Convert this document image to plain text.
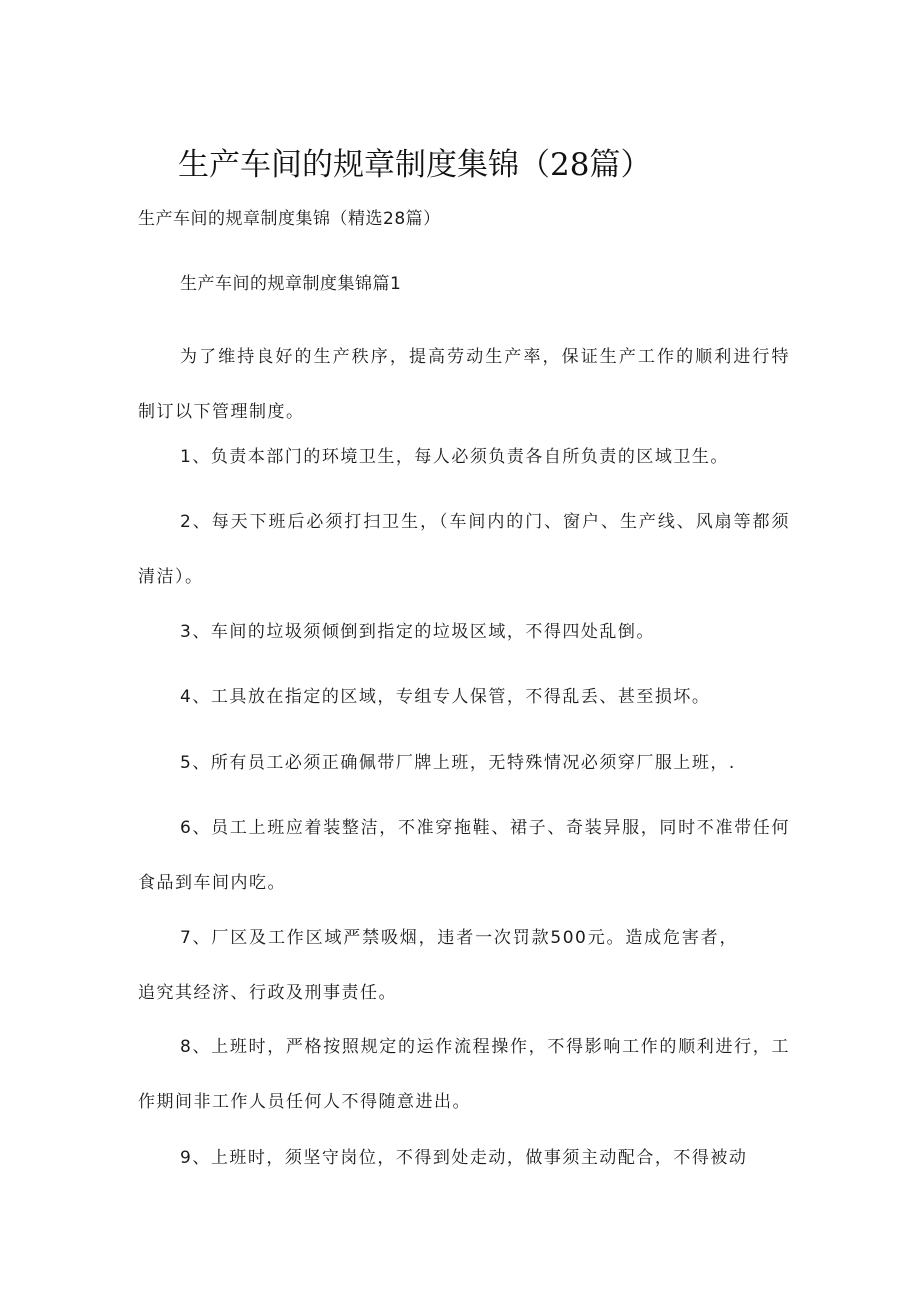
生产车间的规章制度集锦（28篇）
生产车间的规章制度集锦（精选28篇）
生产车间的规章制度集锦篇1

为了维持良好的生产秩序，提高劳动生产率，保证生产工作的顺利进行特制订以下管理制度。

1、负责本部门的环境卫生，每人必须负责各自所负责的区域卫生。

2、每天下班后必须打扫卫生，（车间内的门、窗户、生产线、风扇等都须清洁）。

3、车间的垃圾须倾倒到指定的垃圾区域，不得四处乱倒。

4、工具放在指定的区域，专组专人保管，不得乱丢、甚至损坏。

5、所有员工必须正确佩带厂牌上班，无特殊情况必须穿厂服上班，.

6、员工上班应着装整洁，不准穿拖鞋、裙子、奇装异服，同时不准带任何食品到车间内吃。

7、厂区及工作区域严禁吸烟，违者一次罚款500元。造成危害者，追究其经济、行政及刑事责任。

8、上班时，严格按照规定的运作流程操作，不得影响工作的顺利进行，工作期间非工作人员任何人不得随意进出。

9、上班时，须坚守岗位，不得到处走动，做事须主动配合，不得被动
